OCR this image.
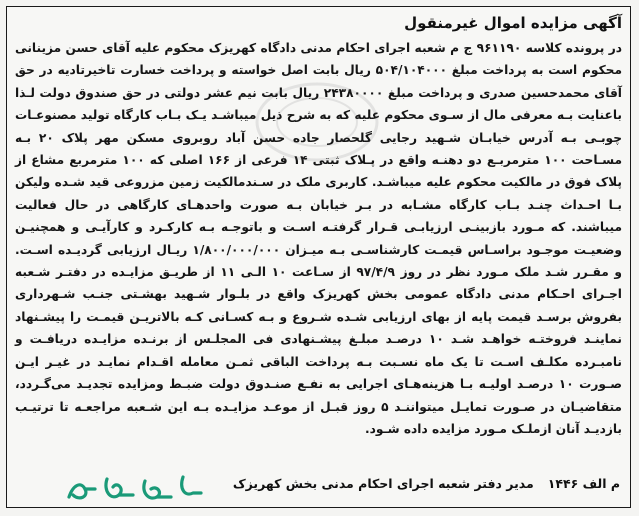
آگهی مزایده اموال غیرمنقول

در پرونده کلاسه ۹۶۱۱۹۰ ج م شعبه اجرای احکام مدنی دادگاه کهریزک محکوم علیه آقای حسن مزینانی محکوم است به پرداخت مبلغ ۵۰۴/۱۰۴۰۰۰ ریال بابت اصل خواسته و پرداخت خسارت تاخیرتادیه در حق آقای محمدحسین صدری و پرداخت مبلغ ۲۴۳۸۰۰۰۰ ریال بابت نیم عشر دولتی در حق صندوق دولت لـذا باعنایت بـه معرفی مال از سـوی محکوم علیه که به شرح ذیل میباشـد یـک بـاب کارگاه تولید مصنوعـات چوبـی بـه آدرس خیابـان شـهید رجایی گلحصار جاده حسن آباد روبروی مسکن مهر پلاک ۲۰ بـه مسـاحت ۱۰۰ مترمربـع دو دهنـه واقع در پـلاک ثبتی ۱۴ فرعی از ۱۶۶ اصلی که ۱۰۰ مترمربع مشاع از پلاک فوق در مالکیت محکوم علیه میباشـد. کاربری ملک در سـندمالکیت زمین مزروعی قید شـده ولیکن بـا احـداث چنـد بـاب کارگاه مشـابه در بـر خیابان بـه صورت واحدهـای کارگاهی در حال فعالیت میباشند. که مـورد بازبینـی ارزیابـی قـرار گرفتـه اسـت و باتوجـه بـه کارکـرد و کارآیـی و همچنیـن وضعیـت موجـود براسـاس قیمـت کارشناسـی بـه میـزان ۱/۸۰۰/۰۰۰/۰۰۰ ریـال ارزیابی گردیـده اسـت. و مقـرر شـد ملک مـورد نظر در روز ۹۷/۴/۹ از سـاعت ۱۰ الـی ۱۱ از طریـق مزایـده در دفتـر شـعبه اجـرای احـکام مدنی دادگاه عمومی بخش کهریزک واقع در بلـوار شـهید بهشـتی جنـب شـهرداری بفروش برسـد قیمت پایه از بهای ارزیابی شـده شـروع و بـه کسـانی کـه بالاتریـن قیمـت را پیشـنهاد نماینـد فروختـه خواهـد شـد ۱۰ درصـد مبلـغ پیشـنهادی فی المجلـس از برنـده مزایـده دریافـت و نامبـرده مکلـف اسـت تا یک ماه نسـبت بـه پرداخت الباقی ثمـن معامله اقـدام نمایـد در غیـر ایـن صـورت ۱۰ درصـد اولیـه بـا هزینه‌هـای اجرایی به نفـع صنـدوق دولت ضبـط ومزایده تجدیـد می‌گـردد، متقاضیـان در صـورت تمایـل میتواننـد ۵ روز قبـل از موعـد مزایـده بـه این شـعبه مراجعـه تا ترتیـب بازدیـد آنان ازملـک مـورد مزایده داده شـود.

م الف ۱۴۴۶
مدیر دفتر شعبه اجرای احکام مدنی بخش کهریزک
